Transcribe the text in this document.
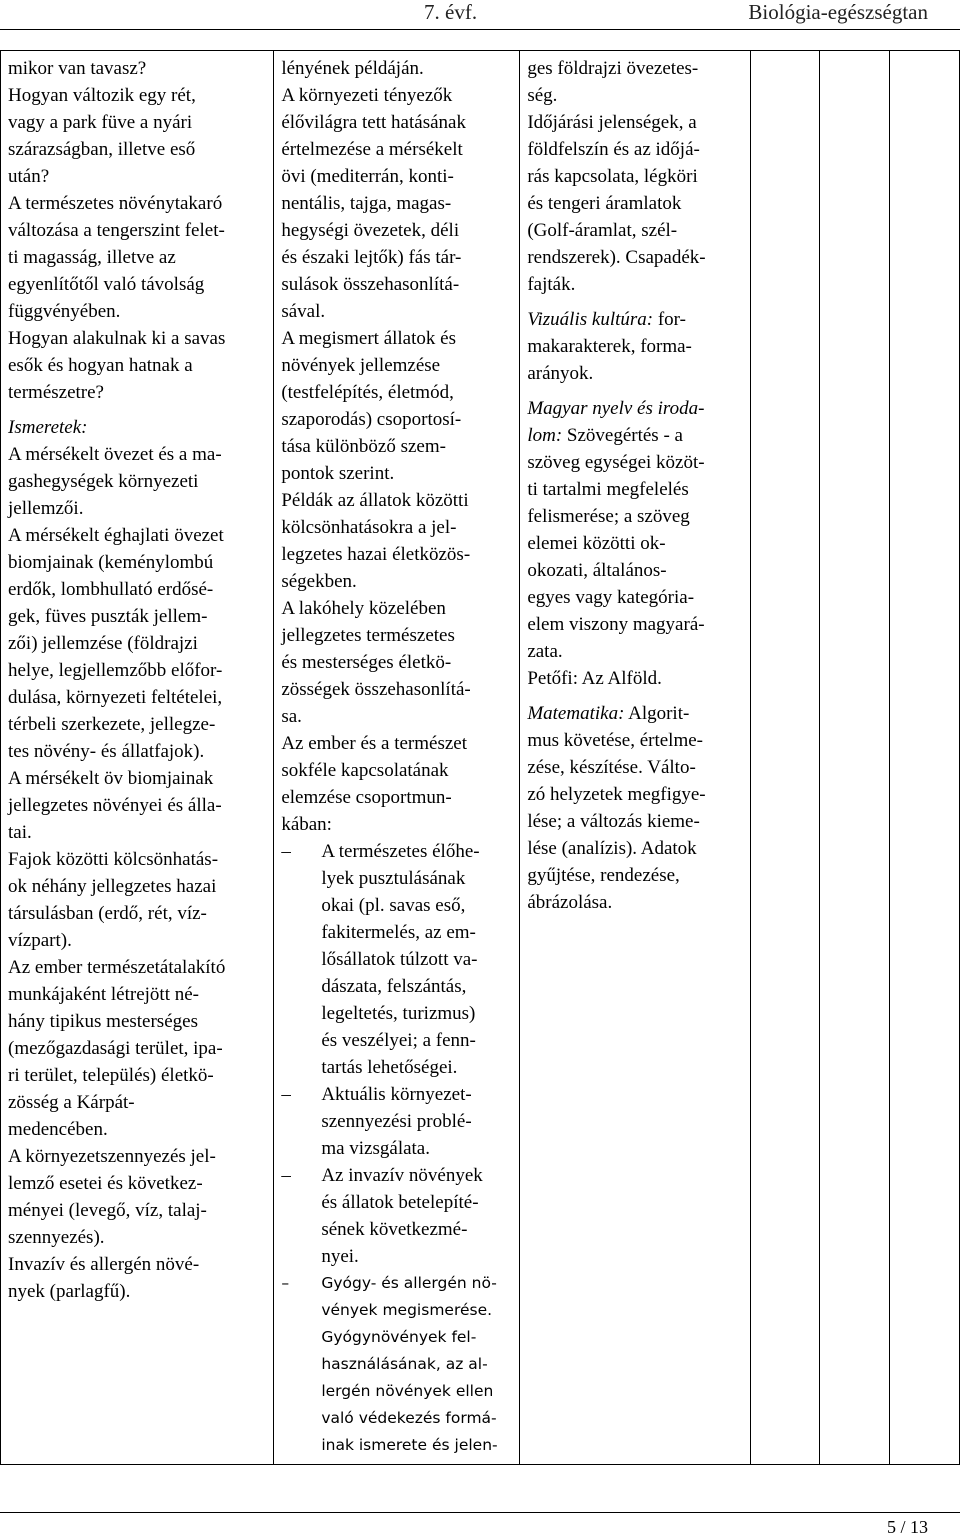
7. évf.	Biológia-egészségtan
mikor van tavasz?
Hogyan változik egy rét,
vagy a park füve a nyári
szárazságban, illetve eső
után?
A természetes növénytakaró
változása a tengerszint felet-
ti magasság, illetve az
egyenlítőtől való távolság
függvényében.
Hogyan alakulnak ki a savas
esők és hogyan hatnak a
természetre?
Ismeretek:
A mérsékelt övezet és a ma-
gashegységek környezeti
jellemzői.
A mérsékelt éghajlati övezet
biomjainak (keménylombú
erdők, lombhullató erdősé-
gek, füves puszták jellem-
zői) jellemzése (földrajzi
helye, legjellemzőbb előfor-
dulása, környezeti feltételei,
térbeli szerkezete, jellegze-
tes növény- és állatfajok).
A mérsékelt öv biomjainak
jellegzetes növényei és álla-
tai.
Fajok közötti kölcsönhatás-
ok néhány jellegzetes hazai
társulásban (erdő, rét, víz-
vízpart).
Az ember természetátalakító
munkájaként létrejött né-
hány tipikus mesterséges
(mezőgazdasági terület, ipa-
ri terület, település) életkö-
zösség a Kárpát-
medencében.
A környezetszennyezés jel-
lemző esetei és következ-
ményei (levegő, víz, talaj-
szennyezés).
Invazív és allergén növé-
nyek (parlagfű).

lényének példáján.
A környezeti tényezők
élővilágra tett hatásának
értelmezése a mérsékelt
övi (mediterrán, konti-
nentális, tajga, magas-
hegységi övezetek, déli
és északi lejtők) fás tár-
sulások összehasonlítá-
sával.
A megismert állatok és
növények jellemzése
(testfelépítés, életmód,
szaporodás) csoportosí-
tása különböző szem-
pontok szerint.
Példák az állatok közötti
kölcsönhatásokra a jel-
legzetes hazai életközös-
ségekben.
A lakóhely közelében
jellegzetes természetes
és mesterséges életkö-
zösségek összehasonlítá-
sa.
Az ember és a természet
sokféle kapcsolatának
elemzése csoportmun-
kában:
– A természetes élőhe-
lyek pusztulásának
okai (pl. savas eső,
fakitermelés, az em-
lősállatok túlzott va-
dászata, felszántás,
legeltetés, turizmus)
és veszélyei; a fenn-
tartás lehetőségei.
– Aktuális környezet-
szennyezési problé-
ma vizsgálata.
– Az invazív növények
és állatok betelepíté-
sének következmé-
nyei.
– Gyógy- és allergén nö-
vények megismerése.
Gyógynövények fel-
használásának, az al-
lergén növények ellen
való védekezés formá-
inak ismerete és jelen-

ges földrajzi övezetes-
ség.
Időjárási jelenségek, a
földfelszín és az időjá-
rás kapcsolata, légköri
és tengeri áramlatok
(Golf-áramlat, szél-
rendszerek). Csapadék-
fajták.
Vizuális kultúra: for-
makarakterek, forma-
arányok.
Magyar nyelv és iroda-
lom: Szövegértés - a
szöveg egységei közöt-
ti tartalmi megfelelés
felismerése; a szöveg
elemei közötti ok-
okozati, általános-
egyes vagy kategória-
elem viszony magyará-
zata.
Petőfi: Az Alföld.
Matematika: Algorit-
mus követése, értelme-
zése, készítése. Válto-
zó helyzetek megfigye-
lése; a változás kieme-
lése (analízis). Adatok
gyűjtése, rendezése,
ábrázolása.

5 / 13
